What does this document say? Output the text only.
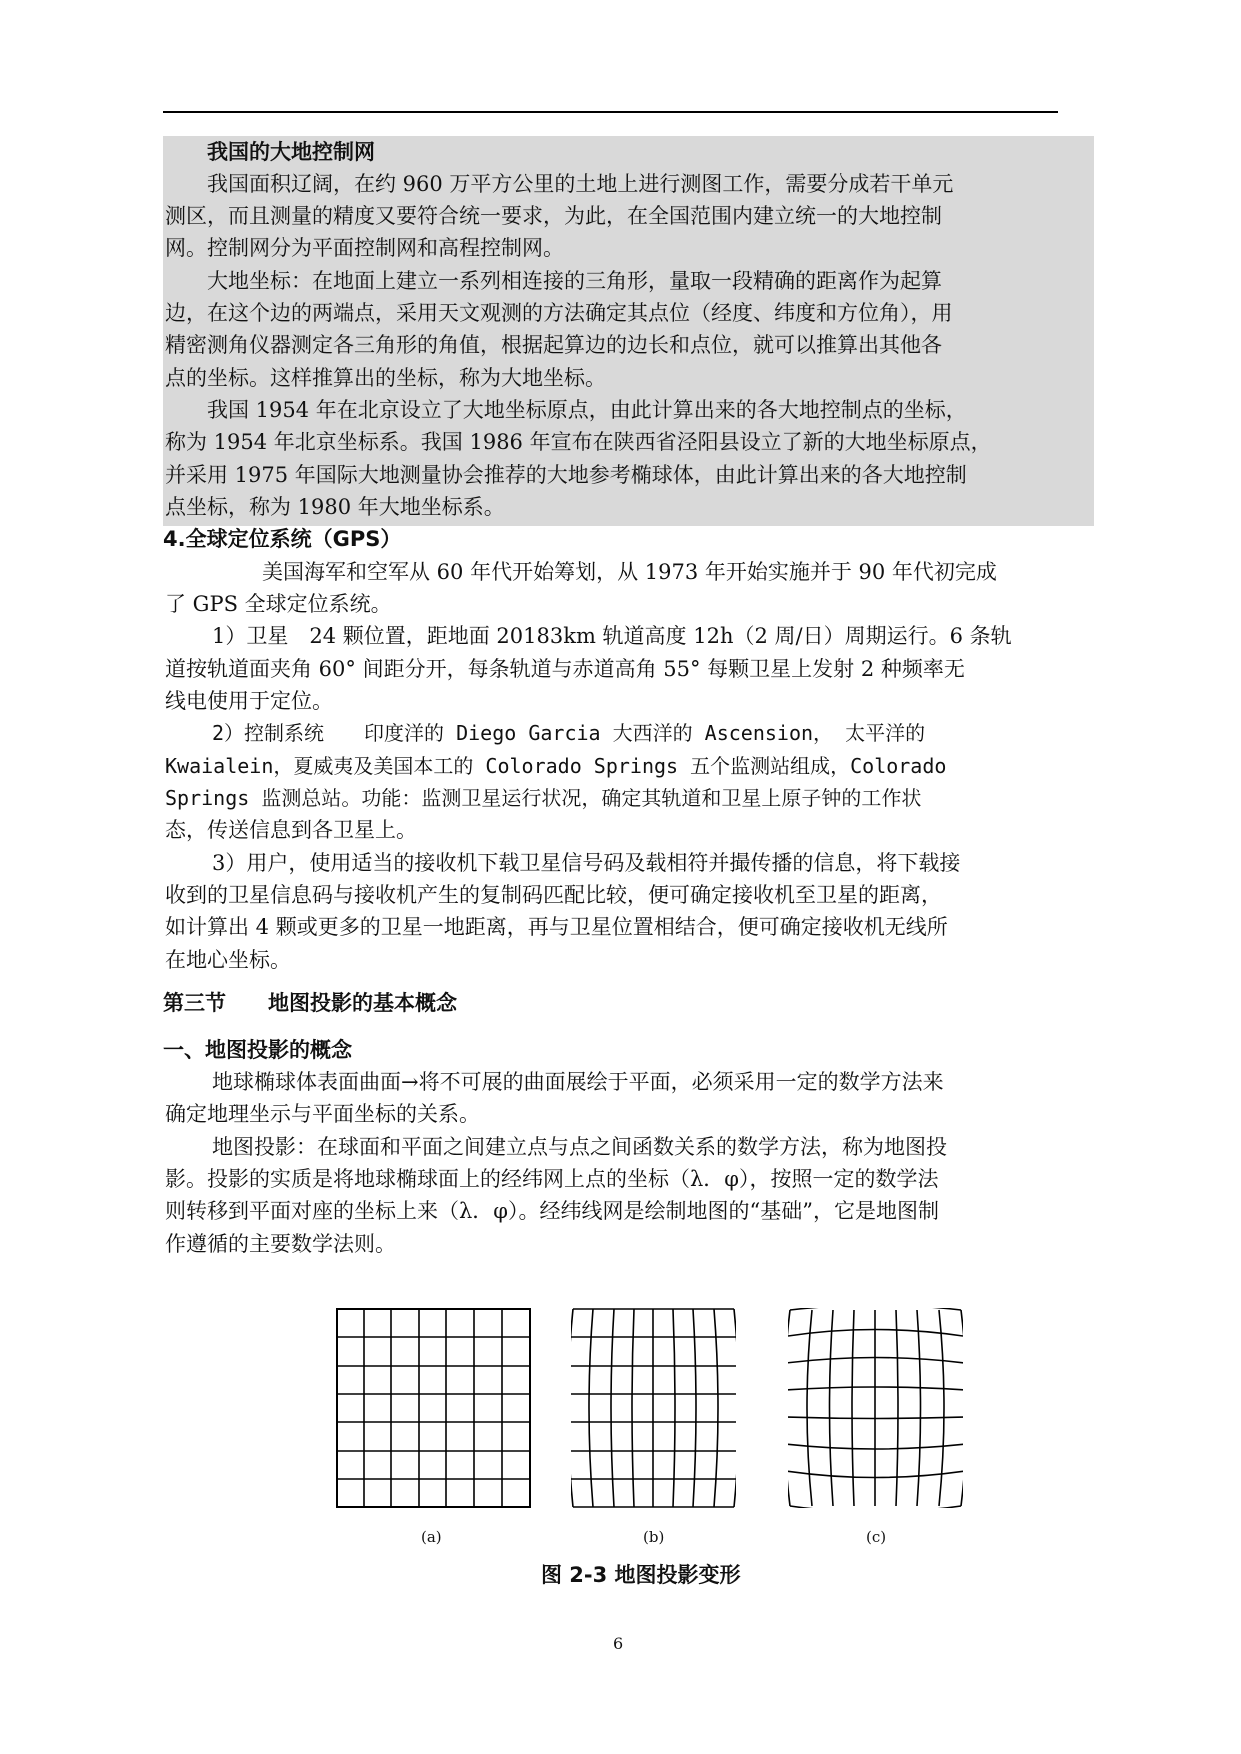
我国的大地控制网
我国面积辽阔，在约 960 万平方公里的土地上进行测图工作，需要分成若干单元
测区，而且测量的精度又要符合统一要求，为此，在全国范围内建立统一的大地控制
网。控制网分为平面控制网和高程控制网。
大地坐标：在地面上建立一系列相连接的三角形，量取一段精确的距离作为起算
边，在这个边的两端点，采用天文观测的方法确定其点位（经度、纬度和方位角），用
精密测角仪器测定各三角形的角值，根据起算边的边长和点位，就可以推算出其他各
点的坐标。这样推算出的坐标，称为大地坐标。
我国 1954 年在北京设立了大地坐标原点，由此计算出来的各大地控制点的坐标，
称为 1954 年北京坐标系。我国 1986 年宣布在陕西省泾阳县设立了新的大地坐标原点，
并采用 1975 年国际大地测量协会推荐的大地参考椭球体，由此计算出来的各大地控制
点坐标，称为 1980 年大地坐标系。
4.全球定位系统（GPS）
美国海军和空军从 60 年代开始筹划，从 1973 年开始实施并于 90 年代初完成
了 GPS 全球定位系统。
1）卫星　24 颗位置，距地面 20183km 轨道高度 12h（2 周/日）周期运行。6 条轨
道按轨道面夹角 60° 间距分开，每条轨道与赤道高角 55° 每颗卫星上发射 2 种频率无
线电使用于定位。
2）控制系统　　印度洋的 Diego Garcia 大西洋的 Ascension， 太平洋的
Kwaialein，夏威夷及美国本工的 Colorado Springs 五个监测站组成，Colorado
Springs 监测总站。功能：监测卫星运行状况，确定其轨道和卫星上原子钟的工作状
态，传送信息到各卫星上。
3）用户，使用适当的接收机下载卫星信号码及载相符并撮传播的信息，将下载接
收到的卫星信息码与接收机产生的复制码匹配比较，便可确定接收机至卫星的距离，
如计算出 4 颗或更多的卫星一地距离，再与卫星位置相结合，便可确定接收机无线所
在地心坐标。
第三节　　地图投影的基本概念
一、地图投影的概念
地球椭球体表面曲面→将不可展的曲面展绘于平面，必须采用一定的数学方法来
确定地理坐示与平面坐标的关系。
地图投影：在球面和平面之间建立点与点之间函数关系的数学方法，称为地图投
影。投影的实质是将地球椭球面上的经纬网上点的坐标（λ．φ），按照一定的数学法
则转移到平面对座的坐标上来（λ．φ）。经纬线网是绘制地图的“基础”，它是地图制
作遵循的主要数学法则。
(a)	(b)	(c)
图 2-3 地图投影变形
6
